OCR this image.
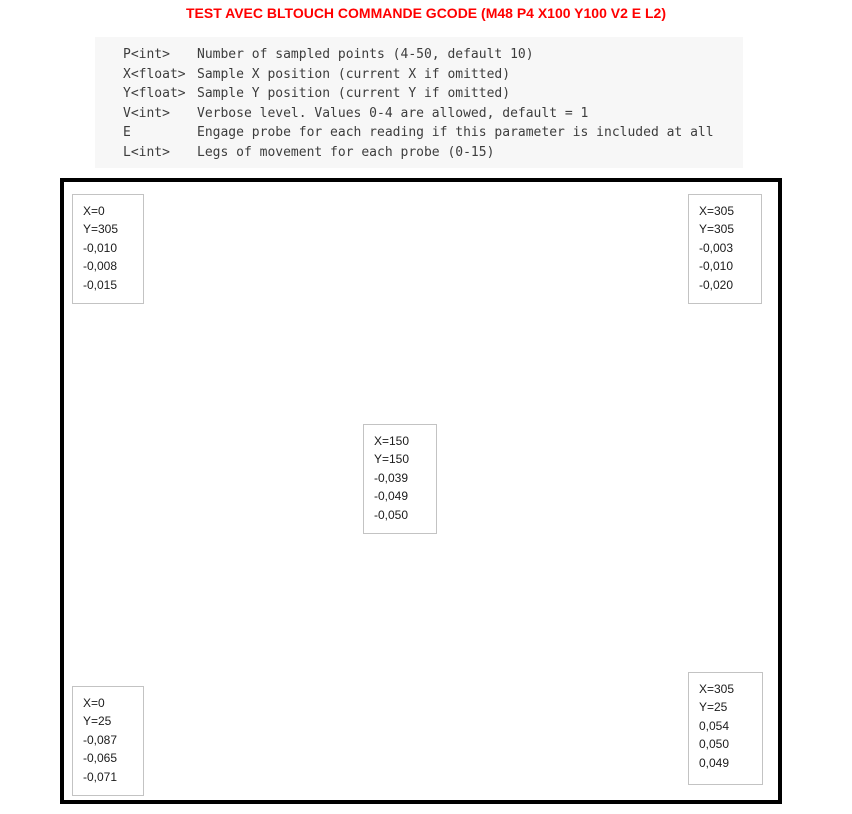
TEST AVEC BLTOUCH COMMANDE GCODE (M48 P4 X100 Y100 V2 E L2)
P<int>	Number of sampled points (4-50, default 10)
X<float> Sample X position (current X if omitted)
Y<float> Sample Y position (current Y if omitted)
V<int>	Verbose level. Values 0-4 are allowed, default = 1
E	Engage probe for each reading if this parameter is included at all
L<int>	Legs of movement for each probe (0-15)
X=0
Y=305
-0,010
-0,008
-0,015
X=305
Y=305
-0,003
-0,010
-0,020
X=150
Y=150
-0,039
-0,049
-0,050
X=0
Y=25
-0,087
-0,065
-0,071
X=305
Y=25
0,054
0,050
0,049
